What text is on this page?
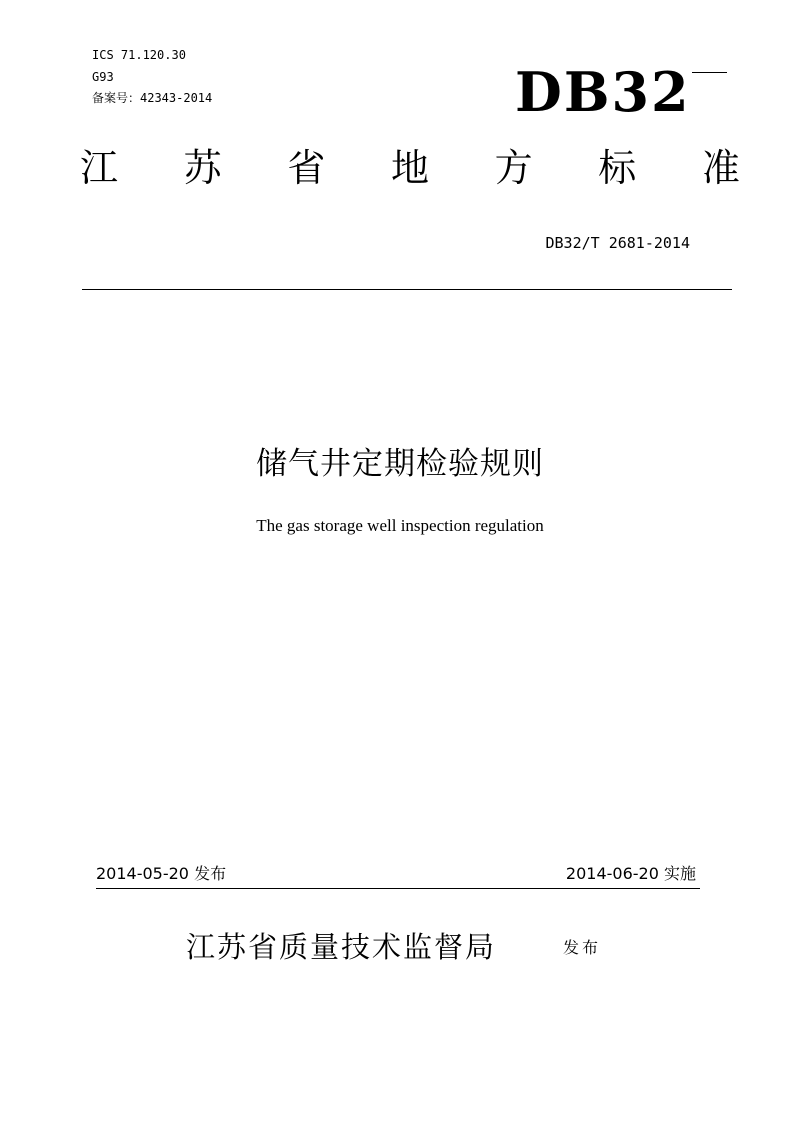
ICS 71.120.30
G93
备案号：42343-2014	DB32
江 苏 省 地 方 标 准
DB32/T 2681-2014
储气井定期检验规则
The gas storage well inspection regulation
2014-05-20 发布	2014-06-20 实施
江苏省质量技术监督局	发布
